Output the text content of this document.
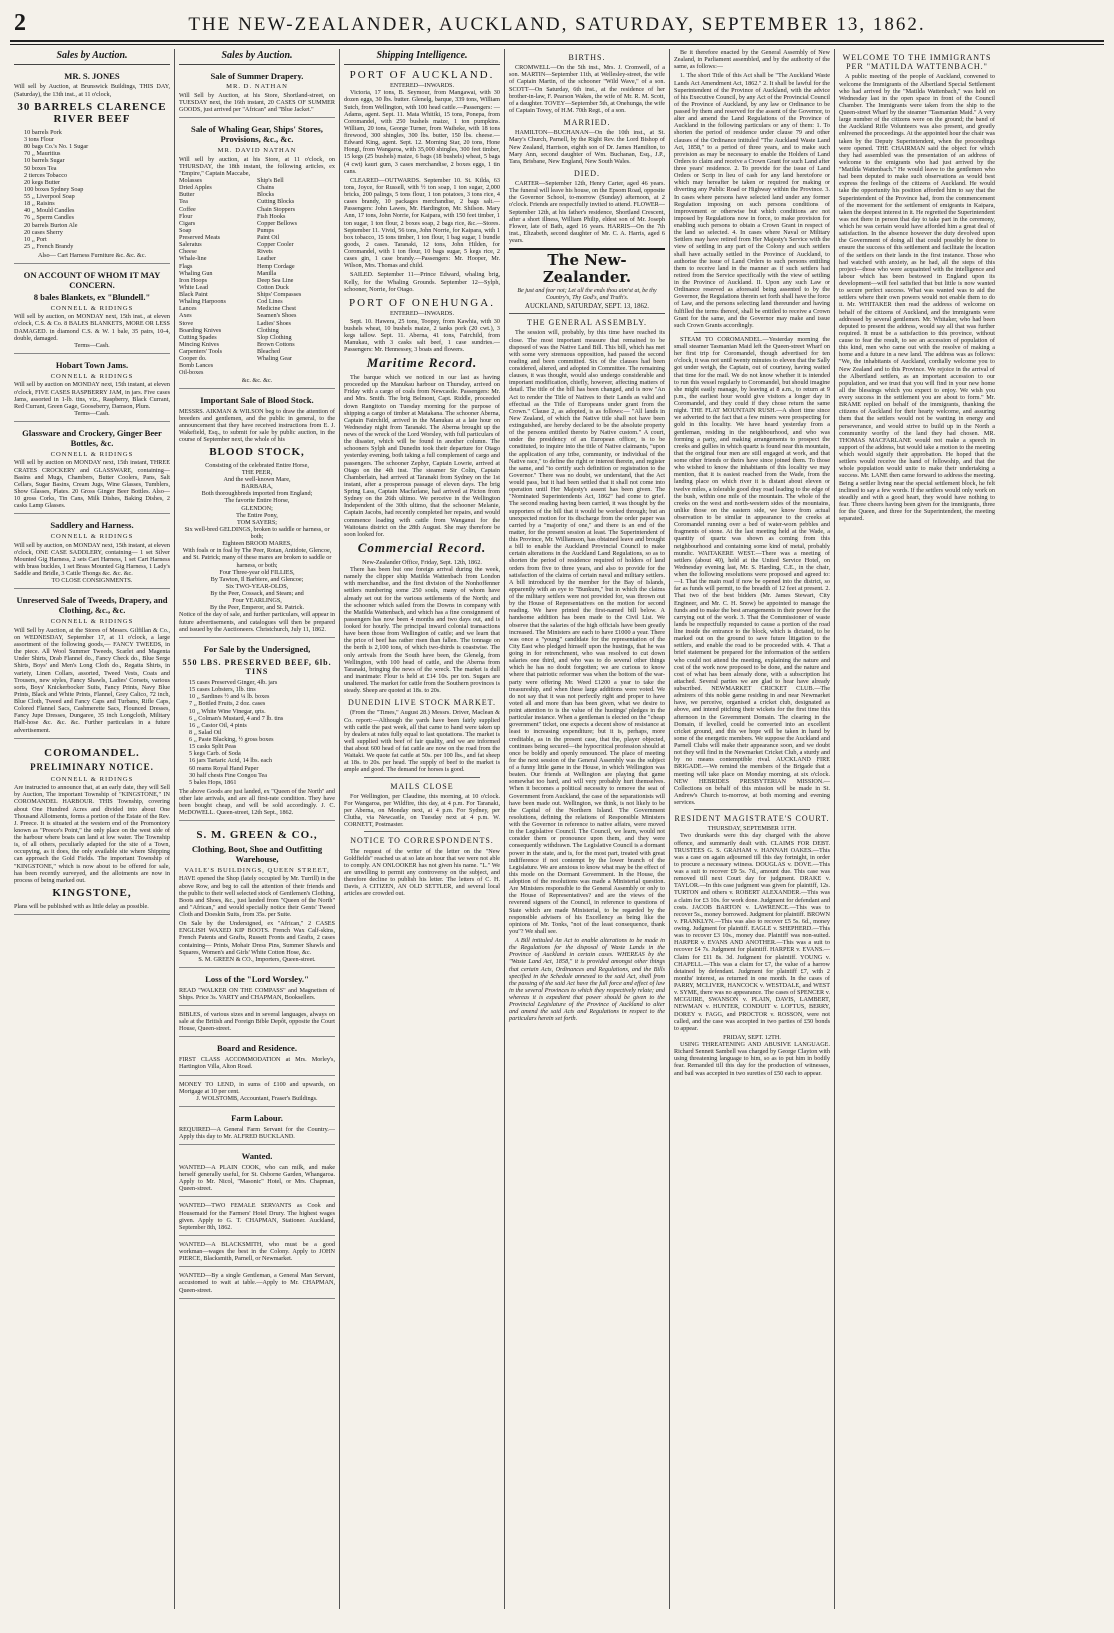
2	THE NEW-ZEALANDER, AUCKLAND, SATURDAY, SEPTEMBER 13, 1862.
Sales by Auction.
MR. S. JONES
Will sell by Auction, at Brunswick Buildings, THIS DAY, (Saturday), the 13th inst., at 11 o'clock,
30 BARRELS CLARENCE RIVER BEEF
10 barrels Pork
3 tons Flour
80 bags Co.'s No. 1 Sugar
70 ,, Mauritius
10 barrels Sugar
50 boxes Tea
2 tierces Tobacco
20 kegs Butter
100 boxes Sydney Soap
55 ,, Liverpool Soap
18 ,, Raisins
40 ,, Mould Candles
76 ,, Sperm Candles
20 barrels Burton Ale
20 cases Sherry
10 ,, Port
25 ,, French Brandy
Also— Cart Harness Furniture &c. &c. &c.
ON ACCOUNT OF WHOM IT MAY CONCERN.
8 bales Blankets, ex "Blundell."
CONNELL & RIDINGS
Will sell by auction, on MONDAY next, 15th inst., at eleven o'clock, C.S. & Co. 8 BALES BLANKETS, MORE OR LESS DAMAGED. in diamond C.S. & W. 1 bale, 35 pairs, 10-4, double, damaged.
Terms—Cash.
Hobart Town Jams.
CONNELL & RIDINGS
Will sell by auction on MONDAY next, 15th instant, at eleven o'clock, FIVE CASES RASPBERRY JAM, in jars. Five cases Jams, assorted in 1-lb. tins, viz., Raspberry, Black Currant, Red Currant, Green Gage, Gooseberry, Damson, Plum.
Terms—Cash.
Glassware and Crockery, Ginger Beer Bottles, &c.
CONNELL & RIDINGS
Will sell by auction on MONDAY next, 15th instant, THREE CRATES CROCKERY and GLASSWARE, containing— Basins and Mugs, Chambers, Butter Coolers, Pans, Salt Cellars, Sugar Basins, Cream Jugs, Wine Glasses, Tumblers, Show Glasses, Plates. 20 Gross Ginger Beer Bottles. Also— 10 gross Corks, Tin Cans, Milk Dishes, Baking Dishes, 2 casks Lamp Glasses.
Saddlery and Harness.
CONNELL & RIDINGS
Will sell by auction, on MONDAY next, 15th instant, at eleven o'clock, ONE CASE SADDLERY, containing— 1 set Silver Mounted Gig Harness, 2 sets Cart Harness, 1 set Cart Harness with brass buckles, 1 set Brass Mounted Gig Harness, 1 Lady's Saddle and Bridle, 3 Cattle Thongs &c. &c. &c.
TO CLOSE CONSIGNMENTS.
Unreserved Sale of Tweeds, Drapery, and Clothing, &c., &c.
CONNELL & RIDINGS
Will Sell by Auction, at the Stores of Messrs. Gilfillan & Co., on WEDNESDAY, September 17, at 11 o'clock, a large assortment of the following goods,— FANCY TWEEDS, in the piece. All Wool Summer Tweeds, Scarlet and Magenta Under Shirts, Drab Flannel do., Fancy Check do., Blue Serge Shirts, Boys' and Men's Long Cloth do., Regatta Shirts, in variety, Linen Collars, assorted, Tweed Vests, Coats and Trousers, new styles, Fancy Shawls, Ladies' Corsets, various sorts, Boys' Knickerbocker Suits, Fancy Prints, Navy Blue Prints, Black and White Prints, Flannel, Grey Calico, 72 inch, Blue Cloth, Tweed and Fancy Caps and Turbans, Rifle Caps, Colored Flannel Sacs, Cashmerette Sacs, Flounced Dresses, Fancy Jupe Dresses, Dungaree, 35 inch Longcloth, Military Half-hose &c. &c. &c. Further particulars in a future advertisement.
COROMANDEL.
PRELIMINARY NOTICE.
CONNELL & RIDINGS
Are instructed to announce that, at an early date, they will Sell by Auction, The important Township of "KINGSTONE," IN COROMANDEL HARBOUR. THIS Township, covering about One Hundred Acres and divided into about One Thousand Allotments, forms a portion of the Estate of the Rev. J. Preece. It is situated at the western end of the Promontory known as "Preece's Point," the only place on the west side of the harbour where boats can land at low water. The Township is, of all others, peculiarly adapted for the site of a Town, occupying, as it does, the only available site where Shipping can approach the Gold Fields. The important Township of "KINGSTONE," which is now about to be offered for sale, has been recently surveyed, and the allotments are now in process of being marked out.
KINGSTONE,
Plans will be published with as little delay as possible.
Sales by Auction.
Sale of Summer Drapery.
MR. D. NATHAN
Will Sell by Auction, at his Store, Shortland-street, on TUESDAY next, the 16th instant, 20 CASES OF SUMMER GOODS, just arrived per "African" and "Blue Jacket."
Sale of Whaling Gear, Ships' Stores, Provisions, &c., &c.
MR. DAVID NATHAN
Will sell by auction, at his Store, at 11 o'clock, on THURSDAY, the 18th instant, the following articles, ex "Empire," Captain Maccabe,
Molasses
Dried Apples
Butter
Tea
Coffee
Flour
Cigars
Soap
Preserved Meats
Saleratus
Cheese
Whale-line
Flags
Whaling Gun
Iron Hoops
White Lead
Black Paint
Whaling Harpoons
Lances
Axes
Stove
Boarding Knives
Cutting Spades
Mincing Knives
Carpenters' Tools
Cooper do.
Bomb Lances
Oil-boxes
Ship's Bell
Chains
Blocks
Cutting Blocks
Chain Stoppers
Fish Hooks
Copper Bellows
Pumps
Paint Oil
Copper Cooler
Rivets
Leather
Hemp Cordage
Manilla
Deep Sea Line
Cotton Duck
Ships' Compasses
Cod Lines
Medicine Chest
Seamen's Shoes
Ladies' Shoes
Clothing
Slop Clothing
Brown Cottons
Bleached
Whaling Gear
&c. &c. &c.
Important Sale of Blood Stock.
MESSRS. AIKMAN & WILSON beg to draw the attention of breeders and gentlemen, and the public in general, to the announcement that they have received instructions from E. J. Wakefield, Esq., to submit for sale by public auction, in the course of September next, the whole of his
BLOOD STOCK,
Consisting of the celebrated Entire Horse,
THE PEER,
And the well-known Mare,
BARBARA,
Both thoroughbreds imported from England;
The favorite Entire Horse,
GLENDON;
The Entire Pony,
TOM SAYERS;
Six well-bred GELDINGS, broken to saddle or harness, or both;
Eighteen BROOD MARES,
With foals or in foal by The Peer, Rotan, Antidote, Glencoe, and St. Patrick; many of these mares are broken to saddle or harness, or both;
Four Three-year old FILLIES,
By Tawton, Il Barbiere, and Glencoe;
Six TWO-YEAR-OLDS,
By the Peer, Cossack, and Steam; and
Four YEARLINGS,
By the Peer, Emperor, and St. Patrick.
Notice of the day of sale, and further particulars, will appear in future advertisements, and catalogues will then be prepared and issued by the Auctioneers. Christchurch, July 11, 1862.
For Sale by the Undersigned,
550 LBS. PRESERVED BEEF, 6lb. TINS
15 cases Preserved Ginger, 4lb. jars
15 cases Lobsters, 1lb. tins
10 ,, Sardines ½ and ¼ lb. boxes
7 ,, Bottled Fruits, 2 doz. cases
10 ,, White Wine Vinegar, qrts.
6 ,, Colman's Mustard, 4 and 7 lb. tins
16 ,, Castor Oil, 4 pints
8 ,, Salad Oil
6 ,, Paste Blacking, ½ gross boxes
15 casks Split Peas
5 kegs Carb. of Soda
16 jars Tartaric Acid, 14 lbs. each
60 reams Royal Hand Paper
30 half chests Fine Congou Tea
5 bales Hops, 1861
The above Goods are just landed, ex "Queen of the North" and other late arrivals, and are all first-rate condition. They have been bought cheap, and will be sold accordingly. J. C. McDOWELL. Queen-street, 12th Sept., 1862.
S. M. GREEN & CO.,
Clothing, Boot, Shoe and Outfitting Warehouse,
VAILE'S BUILDINGS, QUEEN STREET,
HAVE opened the Shop (lately occupied by Mr. Turrill) in the above Row, and beg to call the attention of their friends and the public to their well selected stock of Gentlemen's Clothing, Boots and Shoes, &c., just landed from "Queen of the North" and "African," and would specially notice their Gents' Tweed Cloth and Doeskin Suits, from 35s. per Suite.
On Sale by the Undersigned, ex "African," 2 CASES ENGLISH WAXED KIP BOOTS. French Wax Calf-skins, French Patents and Grafts, Russett Fronts and Grafts, 2 cases containing— Prints, Mohair Dress Pins, Summer Shawls and Squares, Women's and Girls' White Cotton Hose, &c.
S. M. GREEN & CO., Importers, Queen-street.
Loss of the "Lord Worsley."
READ "WALKER ON THE COMPASS" and Magnetism of Ships. Price 3s. VARTY and CHAPMAN, Booksellers.
BIBLES, of various sizes and in several languages, always on sale at the British and Foreign Bible Depôt, opposite the Court House, Queen-street.
Board and Residence.
FIRST CLASS ACCOMMODATION at Mrs. Morley's, Hartington Villa, Alton Road.
MONEY TO LEND, in sums of £100 and upwards, on Mortgage at 10 per cent.
J. WOLSTOMB, Accountant, Fraser's Buildings.
Farm Labour.
REQUIRED—A General Farm Servant for the Country.—Apply this day to Mr. ALFRED BUCKLAND.
Wanted.
WANTED—A PLAIN COOK, who can milk, and make herself generally useful, for St. Osborne Garden, Whangaroa. Apply to Mr. Nicol, "Masonic" Hotel, or Mrs. Chapman, Queen-street.
WANTED—TWO FEMALE SERVANTS as Cook and Housemaid for the Farmers' Hotel Drury. The highest wages given. Apply to G. T. CHAPMAN, Stationer. Auckland, September 8th, 1862.
WANTED—A BLACKSMITH, who must be a good workman—wages the best in the Colony. Apply to JOHN PIERCE, Blacksmith, Parnell, or Newmarket.
WANTED—By a single Gentleman, a General Man Servant, accustomed to wait at table.—Apply to Mr. CHAPMAN, Queen-street.
Shipping Intelligence.
PORT OF AUCKLAND.
ENTERED—INWARDS.
Victoria, 17 tons, B. Seymour, from Mangawai, with 30 dozen eggs, 30 lbs. butter. Glenelg, barque, 339 tons, William Sutch, from Wellington, with 100 head cattle.—Passengers: — Adams, agent. Sept. 11. Mata Whitiki, 15 tons, Ponepa, from Coromandel, with 250 bushels maize, 1 ton pumpkins. William, 20 tons, George Turner, from Waiheke, with 18 tons firewood, 300 shingles, 300 lbs. butter, 150 lbs. cheese.—Edward King, agent. Sept. 12. Morning Star, 20 tons, Hone Hongi, from Wangaroa, with 35,000 shingles, 300 feet timber, 15 kegs (25 bushels) maize, 6 bags (18 bushels) wheat, 5 bags (4 cwt) kauri gum, 3 cases merchandise, 2 boxes eggs, 1 tin cans.
CLEARED—OUTWARDS. September 10. St. Kilda, 63 tons, Joyce, for Russell, with ½ ton soap, 1 ton sugar, 2,000 bricks, 200 palings, 5 tons flour, 1 ton potatoes, 3 tons rice, 4 cases brandy, 10 packages merchandise, 2 bags salt.—Passengers: John Lawes, Mr. Hardington, Mr. Shilson. Mary Ann, 17 tons, John Norrie, for Kaipara, with 150 feet timber, 1 ton sugar, 1 ton flour, 2 boxes soap, 2 bags rice, &c.—Stores. September 11. Vivid, 56 tons, John Norrie, for Kaipara, with 1 box tobacco, 15 tons timber, 1 ton flour, 1 bag sugar, 1 bundle goods, 2 cases. Taranaki, 12 tons, John Hilden, for Coromandel, with 1 ton flour, 10 bags sugar, 5 kegs rice, 2 cases gin, 1 case brandy.—Passengers: Mr. Hooper, Mr. Wilson, Mrs. Thomas and child.
SAILED. September 11—Prince Edward, whaling brig, Kelly, for the Whaling Grounds. September 12—Sylph, schooner, Norrie, for Otago.
PORT OF ONEHUNGA.
ENTERED—INWARDS.
Sept. 10. Hawera, 25 tons, Toopsy, from Kawhia, with 30 bushels wheat, 10 bushels maize, 2 tanks pork (20 cwt.), 3 kegs tallow. Sept. 11. Aberna, 41 tons, Fairchild, from Manukau, with 3 casks salt beef, 1 case sundries.—Passengers: Mr. Hennessey, 3 boats and flowers.
Maritime Record.
The barque which we noticed in our last as having proceeded up the Manukau harbour on Thursday, arrived on Friday with a cargo of coals from Newcastle. Passengers: Mr. and Mrs. Smith. The brig Belmont, Capt. Riddle, proceeded down Rangitoto on Tuesday morning for the purpose of shipping a cargo of timber at Matakana. The schooner Aberna, Captain Fairchild, arrived in the Manukau at a late hour on Wednesday night from Taranaki. The Aberna brought up the news of the wreck of the Lord Worsley, with full particulars of the disaster, which will be found in another column. The schooners Sylph and Dunedin took their departure for Otago yesterday evening, both taking a full complement of cargo and passengers. The schooner Zephyr, Captain Lowrie, arrived at Otago on the 4th inst. The steamer Sir Colin, Captain Chamberlain, had arrived at Taranaki from Sydney on the 1st instant, after a prosperous passage of eleven days. The brig Spring Lass, Captain Macfarlane, had arrived at Picton from Sydney on the 26th ultimo. We perceive in the Wellington Independent of the 30th ultimo, that the schooner Melanie, Captain Jacobs, had recently completed her repairs, and would commence loading with cattle from Wanganui for the Waitotara district on the 28th August. She may therefore be soon looked for.
Commercial Record.
New-Zealander Office, Friday, Sept. 12th, 1862.
There has been but one foreign arrival during the week, namely the clipper ship Matilda Wattenbach from London with merchandise, and the first division of the Nonhoffenner settlers numbering some 250 souls, many of whom have already set out for the various settlements of the North; and the schooner which sailed from the Downs in company with the Matilda Wattenbach, and which has a fine consignment of passengers has now been 4 months and two days out, and is looked for hourly. The principal inward colonial transactions have been those from Wellington of cattle; and we learn that the price of beef has rather risen than fallen. The tonnage on the berth is 2,100 tons, of which two-thirds is coastwise. The only arrivals from the South have been, the Glenelg, from Wellington, with 100 head of cattle, and the Aberna from Taranaki, bringing the news of the wreck. The market is dull and inanimate: Flour is held at £14 10s. per ton. Sugars are unaltered. The market for cattle from the Southern provinces is steady. Sheep are quoted at 18s. to 20s.
DUNEDIN LIVE STOCK MARKET.
(From the "Times," August 28.) Messrs. Driver, Maclean & Co. report:—Although the yards have been fairly supplied with cattle the past week, all that came to hand were taken up by dealers at rates fully equal to last quotations. The market is well supplied with beef of fair quality, and we are informed that about 600 head of fat cattle are now on the road from the Waitaki. We quote fat cattle at 50s. per 100 lbs., and fat sheep at 18s. to 20s. per head. The supply of beef to the market is ample and good. The demand for horses is good.
MAILS CLOSE
For Wellington, per Claudine, this morning, at 10 o'clock. For Wangaroa, per Wildfire, this day, at 4 p.m. For Taranaki, per Aberna, on Monday next, at 4 p.m. For Sydney, per Clutha, via Newcastle, on Tuesday next at 4 p.m. W. CORNETT, Postmaster.
NOTICE TO CORRESPONDENTS.
The request of the writer of the letter on the "New Goldfields" reached us at so late an hour that we were not able to comply. AN ONLOOKER has not given his name. "L." We are unwilling to permit any controversy on the subject, and therefore decline to publish his letter. The letters of C. H. Davis, A CITIZEN, AN OLD SETTLER, and several local articles are crowded out.
BIRTHS.
CROMWELL—On the 5th inst., Mrs. J. Cromwell, of a son. MARTIN—September 11th, at Wellesley-street, the wife of Captain Martin, of the schooner "Wild Wave," of a son. SCOTT—On Saturday, 6th inst., at the residence of her brother-in-law, F. Pearson Wakes, the wife of Mr. R. M. Scott, of a daughter. TOVEY—September 5th, at Onehunga, the wife of Captain Tovey, of H.M. 70th Regt., of a son.
MARRIED.
HAMILTON—BUCHANAN—On the 10th inst., at St. Mary's Church, Parnell, by the Right Rev. the Lord Bishop of New Zealand, Harrison, eighth son of Dr. James Hamilton, to Mary Ann, second daughter of Wm. Buchanan, Esq., J.P., Tara, Brisbane, New England, New South Wales.
DIED.
CARTER—September 12th, Henry Carter, aged 46 years. The funeral will leave his house, on the Epsom Road, opposite the Governor School, to-morrow (Sunday) afternoon, at 2 o'clock. Friends are respectfully invited to attend. FLOWER—September 12th, at his father's residence, Shortland Crescent, after a short illness, William Philip, eldest son of Mr. Joseph Flower, late of Bath, aged 16 years. HARRIS—On the 7th inst., Elizabeth, second daughter of Mr. C. A. Harris, aged 6 years.
The New-Zealander.
Be just and fear not; Let all the ends thou aim'st at, be thy Country's, Thy God's, and Truth's.
AUCKLAND, SATURDAY, SEPT. 13, 1862.
THE GENERAL ASSEMBLY.
The session will, probably, by this time have reached its close. The most important measure that remained to be disposed of was the Native Land Bill. This bill, which has met with some very strenuous opposition, had passed the second reading and been committed. Six of the clauses had been considered, altered, and adopted in Committee. The remaining clauses, it was thought, would also undergo considerable and important modification, chiefly, however, affecting matters of detail. The title of the bill has been changed, and is now "An Act to render the Title of Natives to their Lands as valid and effectual as the Title of Europeans under grant from the Crown." Clause 2, as adopted, is as follows:— "All lands in New Zealand, of which the Native title shall not have been extinguished, are hereby declared to be the absolute property of the persons entitled thereto by Native custom." A court, under the presidency of an European officer, is to be constituted, to inquire into the title of Native claimants, "upon the application of any tribe, community, or individual of the Native race," to define the right or interest therein, and register the same, and "to certify such definition or registration to the Governor." There was no doubt, we understand, that the Act would pass, but it had been settled that it shall not come into operation until Her Majesty's assent has been given. The "Nominated Superintendents Act, 1862" had come to grief. The second reading having been carried, it was thought by the supporters of the bill that it would be worked through; but an unexpected motion for its discharge from the order paper was carried by a "majority of one," and there is an end of the matter, for the present session at least. The Superintendent of this Province, Mr. Williamson, has obtained leave and brought a bill to enable the Auckland Provincial Council to make certain alterations in the Auckland Land Regulations, so as to shorten the period of residence required of holders of land orders from five to three years, and also to provide for the satisfaction of the claims of certain naval and military settlers. A bill introduced by the member for the Bay of Islands, apparently with an eye to "Bunkum," but in which the claims of the military settlers were not provided for, was thrown out by the House of Representatives on the motion for second reading. We have printed the first-named bill below. A handsome addition has been made to the Civil List. We observe that the salaries of the high officials have been greatly increased. The Ministers are each to have £1000 a year. There was once a "young" candidate for the representation of the City East who pledged himself upon the hustings, that he was going in for retrenchment, who was resolved to cut down salaries one third, and who was to do several other things which he has no doubt forgotten; we are curious to know where that patriotic reformer was when the bottom of the war-party were offering Mr. Weed £1200 a year to take the treasureship, and when these large additions were voted. We do not say that it was not perfectly right and proper to have voted all and more than has been given, what we desire to point attention to is the value of the hustings' pledges in the particular instance. When a gentleman is elected on the "cheap government" ticket, one expects a decent show of resistance at least to increasing expenditure; but it is, perhaps, more creditable, as in the present case, that the, player objected, continues being secured—the hypocritical profession should at once be boldly and openly renounced. The place of meeting for the next session of the General Assembly was the subject of a funny little game in the House, in which Wellington was beaten. Our friends at Wellington are playing that game somewhat too hard, and will very probably hurt themselves. When it becomes a political necessity to remove the seat of Government from Auckland, the case of the separationists will have been made out. Wellington, we think, is not likely to be the Capital of the Northern Island. The Government resolutions, defining the relations of Responsible Ministers with the Governor in reference to native affairs, were moved in the Legislative Council. The Council, we learn, would not consider them or pronounce upon them, and they were consequently withdrawn. The Legislative Council is a dormant power in the state, and is, for the most part, treated with great indifference if not contempt by the lower branch of the Legislature. We are anxious to know what may be the effect of this mode on the Dormant Government. In the House, the adoption of the resolutions was made a Ministerial question. Are Ministers responsible to the General Assembly or only to the House of Representatives? and are the views of the reverend signers of the Council, in reference to questions of State which are made Ministerial, to be regarded by the responsible advisers of his Excellency as being like the opinions of Mr. Tonks, "not of the least consequence, thank you"? We shall see.
A Bill intituled An Act to enable alterations to be made in the Regulations for the disposal of Waste Lands in the Province of Auckland in certain cases. WHEREAS by the "Waste Land Act, 1858," it is provided amongst other things that certain Acts, Ordinances and Regulations, and the Bills specified in the Schedule annexed to the said Act, shall from the passing of the said Act have the full force and effect of law in the several Provinces to which they respectively relate; and whereas it is expedient that power should be given to the Provincial Legislature of the Province of Auckland to alter and amend the said Acts and Regulations in respect to the particulars herein set forth.
Be it therefore enacted by the General Assembly of New Zealand, in Parliament assembled, and by the authority of the same, as follows:—
1. The short Title of this Act shall be "The Auckland Waste Lands Act Amendment Act, 1862." 2. It shall be lawful for the Superintendent of the Province of Auckland, with the advice of his Executive Council, by any Act of the Provincial Council of the Province of Auckland, by any law or Ordinance to be passed by them and reserved for the assent of the Governor, to alter and amend the Land Regulations of the Province of Auckland in the following particulars or any of them: 1. To shorten the period of residence under clause 79 and other clauses of the Ordinance intituled "The Auckland Waste Land Act, 1858," to a period of three years, and to make such provision as may be necessary to enable the Holders of Land Orders to claim and receive a Crown Grant for such Land after three years' residence. 2. To provide for the issue of Land Orders or Scrip in lieu of cash for any land heretofore or which may hereafter be taken or required for making or diverting any Public Road or Highway within the Province. 3. In cases where persons have selected land under any former Regulation imposing on such persons conditions of improvement or otherwise but which conditions are not imposed by Regulations now in force, to make provision for enabling such persons to obtain a Crown Grant in respect of the land so selected. 4. In cases where Naval or Military Settlers may have retired from Her Majesty's Service with the view of settling in any part of the Colony and such settlers shall have actually settled in the Province of Auckland, to authorise the issue of Land Orders to such persons entitling them to receive land in the manner as if such settlers had retired from the Service specifically with the view of settling in the Province of Auckland. II. Upon any such Law or Ordinance reserved as aforesaid being assented to by the Governor, the Regulations therein set forth shall have the force of Law, and the persons selecting land thereunder and having fulfilled the terms thereof, shall be entitled to receive a Crown Grant for the same, and the Governor may make and issue such Crown Grants accordingly.
STEAM TO COROMANDEL.—Yesterday morning the small steamer Tasmanian Maid left the Queen-street Wharf on her first trip for Coromandel, though advertised for ten o'clock, it was not until twenty minutes to eleven that the Sally got under weigh, the Captain, out of courtesy, having waited that time for the mail. We do not know whether it is intended to run this vessel regularly to Coromandel, but should imagine she might easily manage, by leaving at 8 a.m., to return at 9 p.m., the earliest hour would give visitors a longer day in Coromandel, and they could if they chose return the same night. THE FLAT MOUNTAIN RUSH.—A short time since we adverted to the fact that a few miners were prospecting for gold in this locality. We have heard yesterday from a gentleman, residing in the neighbourhood, and who was forming a party, and making arrangements to prospect the creeks and gullies in which quartz is found near this mountain, that the original four men are still engaged at work, and that some other friends or theirs have since joined them. To those who wished to know the inhabitants of this locality we may mention, that it is easiest reached from the Wade, from the landing place on which river it is distant about eleven or twelve miles, a tolerable good dray road leading to the edge of the bush, within one mile of the mountain. The whole of the creeks on the west and north-western sides of the mountains, unlike those on the eastern side, we know from actual observation to be similar in appearance to the creeks at Coromandel running over a bed of water-worn pebbles and fragments of stone. At the last meeting held at the Wade, a quantity of quartz was shown as coming from this neighbourhood and containing some kind of metal, probably mundic. WAITAKERE WEST.—There was a meeting of settlers (about 40), held at the United Service Hotel, on Wednesday evening last, Mr. S. Harding, C.E., in the chair, when the following resolutions were proposed and agreed to:—I. That the main road if now be opened into the district, so far as funds will permit, to the breadth of 12 feet at present. 2. That two of the best bidders (Mr. James Stewart, City Engineer, and Mr. C. H. Snow) be appointed to manage the funds and to make the best arrangements in their power for the carrying out of the work. 3. That the Commissioner of waste lands be respectfully requested to cause a portion of the road line inside the entrance to the block, which is dictated, to be marked out on the ground to save future litigation to the settlers, and enable the road to be proceeded with. 4. That a brief statement be prepared for the information of the settlers who could not attend the meeting, explaining the nature and cost of the work now proposed to be done, and the nature and cost of what has been already done, with a subscription list attached. Several parties we are glad to hear have already subscribed. NEWMARKET CRICKET CLUB.—The admirers of this noble game residing in and near Newmarket have, we perceive, organised a cricket club, designated as above, and intend pitching their wickets for the first time this afternoon in the Government Domain. The clearing in the Domain, if levelled, could be converted into an excellent cricket ground, and this we hope will be taken in hand by some of the energetic members. We suppose the Auckland and Parnell Clubs will make their appearance soon, and we doubt not they will find in the Newmarket Cricket Club, a sturdy and by no means contemptible rival. AUCKLAND FIRE BRIGADE.—We remind the members of the Brigade that a meeting will take place on Monday morning, at six o'clock. NEW HEBRIDES PRESBYTERIAN MISSION.—Collections on behalf of this mission will be made in St. Andrew's Church to-morrow, at both morning and evening services.
RESIDENT MAGISTRATE'S COURT.
THURSDAY, SEPTEMBER 11TH.
Two drunkards were this day charged with the above offence, and summarily dealt with. CLAIMS FOR DEBT. TRUSTEES G. S. GRAHAM v. HANNAH OAKES.—This was a case on again adjourned till this day fortnight, in order to procure a necessary witness. DOUGLAS v. DOVE.—This was a suit to recover £9 5s. 7d., amount due. This case was removed till next Court day for judgment. DRAKE v. TAYLOR.—In this case judgment was given for plaintiff, 12s. TURTON and others v. ROBERT ALEXANDER.—This was a claim for £3 10s. for work done. Judgment for defendant and costs. JACOB BARTON v. LAWRENCE.—This was to recover 5s., money borrowed. Judgment for plaintiff. BROWN v. FRANKLYN.—This was also to recover £5 5s. 6d., money owing. Judgment for plaintiff. EAGLE v. SHEPHERD.—This was to recover £3 10s., money due. Plaintiff was non-suited. HARPER v. EVANS AND ANOTHER.—This was a suit to recover £4 7s. Judgment for plaintiff. HARPER v. EVANS.—Claim for £11 8s. 3d. Judgment for plaintiff. YOUNG v. CHAPELL.—This was a claim for £7, the value of a harrow detained by defendant. Judgment for plaintiff £7, with 2 months' interest, as returned in one month. In the cases of PARRY, MCLIVER, HANCOCK v. WESTDALE, and WEST v. SYME, there was no appearance. The cases of SPENCER v. MCGUIRE, SWANSON v. PLAIN, DAVIS, LAMBERT, NEWMAN v. HUNTER, CONDUIT v. LOFTUS, BERRY, DOREY v. FAGG, and PROCTOR v. ROSSON, were not called, and the case was accepted in two parties of £50 bonds to appear.
FRIDAY, SEPT. 12TH.
USING THREATENING AND ABUSIVE LANGUAGE. Richard Sennett Sambell was charged by George Clayton with using threatening language to him, so as to put him in bodily fear. Remanded till this day for the production of witnesses, and bail was accepted in two sureties of £50 each to appear.
WELCOME TO THE IMMIGRANTS PER "MATILDA WATTENBACH."
A public meeting of the people of Auckland, convened to welcome the Immigrants of the Albertland Special Settlement who had arrived by the "Matilda Wattenbach," was held on Wednesday last in the open space in front of the Council Chamber. The Immigrants were taken from the ship to the Queen-street Wharf by the steamer "Tasmanian Maid." A very large number of the citizens were on the ground; the band of the Auckland Rifle Volunteers was also present, and greatly enlivened the proceedings. At the appointed hour the chair was taken by the Deputy Superintendent, when the proceedings were opened. THE CHAIRMAN said the object for which they had assembled was the presentation of an address of welcome to the emigrants who had just arrived by the "Matilda Wattenbach." He would leave to the gentlemen who had been deputed to make such observations as would best express the feelings of the citizens of Auckland. He would take the opportunity his position afforded him to say that the Superintendent of the Province had, from the commencement of the movement for the settlement of emigrants in Kaipara, taken the deepest interest in it. He regretted the Superintendent was not there in person that day to take part in the ceremony, which he was certain would have afforded him a great deal of satisfaction. In the absence however the duty devolved upon the Government of doing all that could possibly be done to ensure the success of this settlement and facilitate the location of the settlers on their lands in the first instance. Those who had watched with anxiety, as he had, all the steps of this project—those who were acquainted with the intelligence and labour which has been bestowed in England upon its development—will feel satisfied that but little is now wanted to secure perfect success. What was wanted was to aid the settlers where their own powers would not enable them to do it. Mr. WHITAKER then read the address of welcome on behalf of the citizens of Auckland, and the immigrants were addressed by several gentlemen. Mr. Whitaker, who had been deputed to present the address, would say all that was further required. It must be a satisfaction to this province, without cause to fear the result, to see an accession of population of this kind, men who came out with the resolve of making a home and a future in a new land. The address was as follows: "We, the inhabitants of Auckland, cordially welcome you to New Zealand and to this Province. We rejoice in the arrival of the Albertland settlers, as an important accession to our population, and we trust that you will find in your new home all the blessings which you expect to enjoy. We wish you every success in the settlement you are about to form." Mr. BRAME replied on behalf of the immigrants, thanking the citizens of Auckland for their hearty welcome, and assuring them that the settlers would not be wanting in energy and perseverance, and would strive to build up in the North a community worthy of the land they had chosen. MR. THOMAS MACFARLANE would not make a speech in support of the address, but would take a motion to the meeting which would signify their approbation. He hoped that the settlers would receive the hand of fellowship, and that the whole population would unite to make their undertaking a success. Mr. LANE then came forward to address the meeting. Being a settler living near the special settlement block, he felt inclined to say a few words. If the settlers would only work on steadily and with a good heart, they would have nothing to fear. Three cheers having been given for the immigrants, three for the Queen, and three for the Superintendent, the meeting separated.
